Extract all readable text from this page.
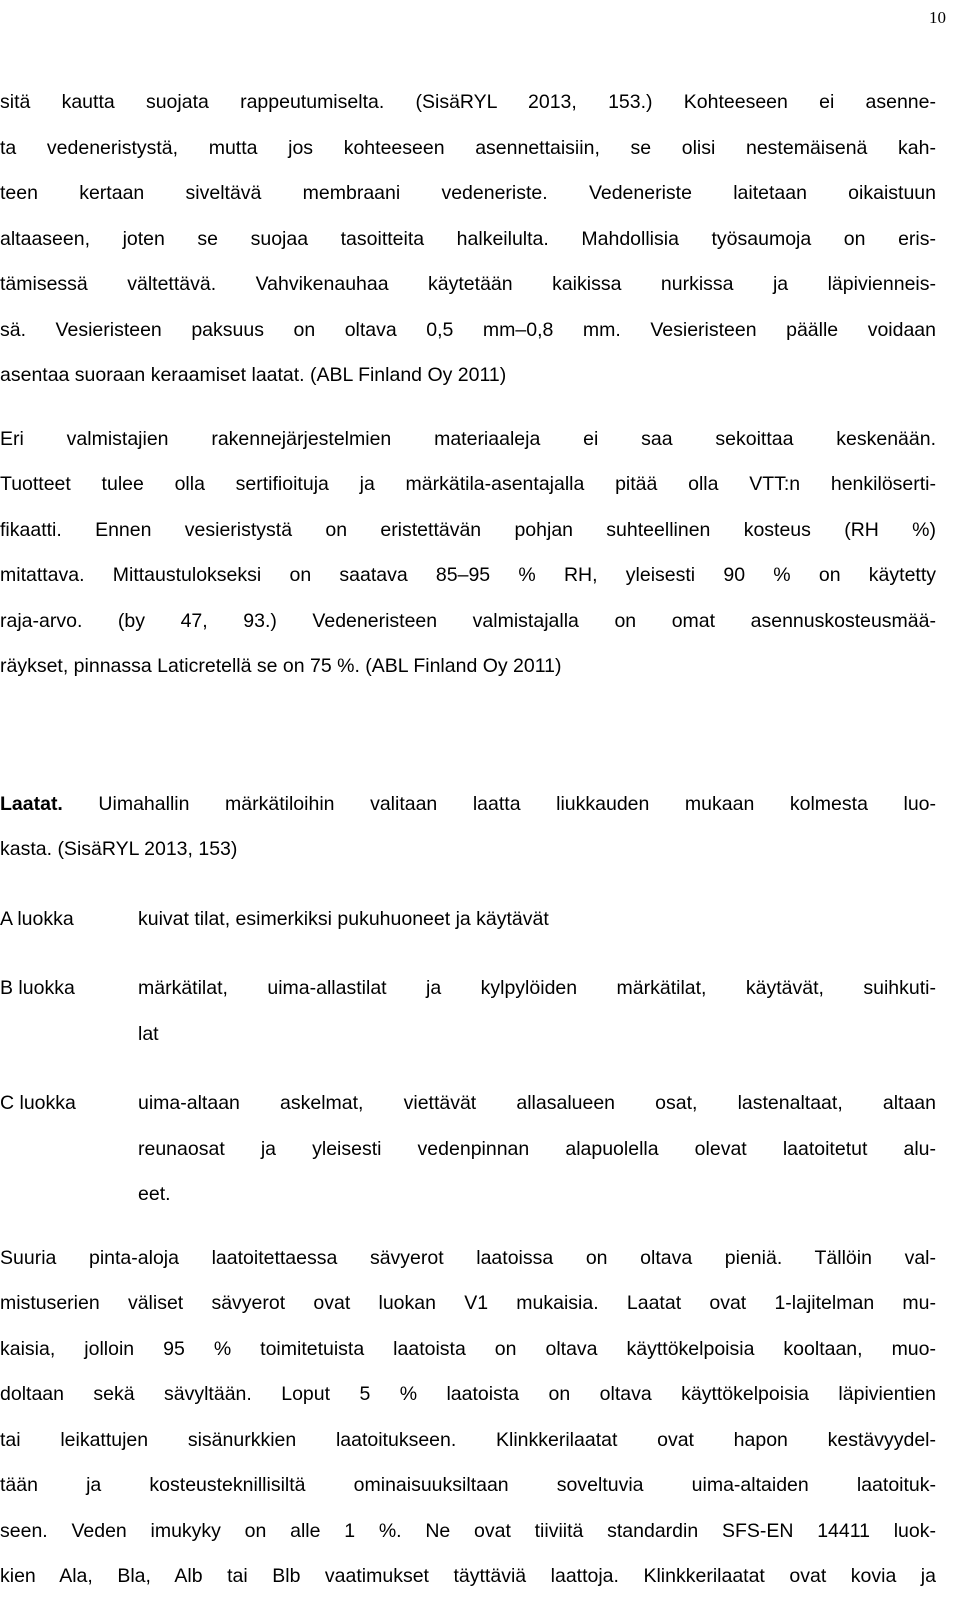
10
sitä kautta suojata rappeutumiselta. (SisäRYL 2013, 153.) Kohteeseen ei asenne-
ta vedeneristystä, mutta jos kohteeseen asennettaisiin, se olisi nestemäisenä kah-
teen kertaan siveltävä membraani vedeneriste. Vedeneriste laitetaan oikaistuun
altaaseen, joten se suojaa tasoitteita halkeilulta. Mahdollisia työsaumoja on eris-
tämisessä vältettävä. Vahvikenauhaa käytetään kaikissa nurkissa ja läpivienneis-
sä. Vesieristeen paksuus on oltava 0,5 mm–0,8 mm. Vesieristeen päälle voidaan
asentaa suoraan keraamiset laatat. (ABL Finland Oy 2011)
Eri valmistajien rakennejärjestelmien materiaaleja ei saa sekoittaa keskenään.
Tuotteet tulee olla sertifioituja ja märkätila-asentajalla pitää olla VTT:n henkilöserti-
fikaatti. Ennen vesieristystä on eristettävän pohjan suhteellinen kosteus (RH %)
mitattava. Mittaustulokseksi on saatava 85–95 % RH, yleisesti 90 % on käytetty
raja-arvo. (by 47, 93.) Vedeneristeen valmistajalla on omat asennuskosteusmää-
räykset, pinnassa Laticretellä se on 75 %. (ABL Finland Oy 2011)
Laatat. Uimahallin märkätiloihin valitaan laatta liukkauden mukaan kolmesta luo-
kasta. (SisäRYL 2013, 153)
A luokka	kuivat tilat, esimerkiksi pukuhuoneet ja käytävät
B luokka	märkätilat, uima-allastilat ja kylpylöiden märkätilat, käytävät, suihkuti-
lat
C luokka	uima-altaan askelmat, viettävät allasalueen osat, lastenaltaat, altaan
reunaosat ja yleisesti vedenpinnan alapuolella olevat laatoitetut alu-
eet.
Suuria pinta-aloja laatoitettaessa sävyerot laatoissa on oltava pieniä. Tällöin val-
mistuserien väliset sävyerot ovat luokan V1 mukaisia. Laatat ovat 1-lajitelman mu-
kaisia, jolloin 95 % toimitetuista laatoista on oltava käyttökelpoisia kooltaan, muo-
doltaan sekä sävyltään. Loput 5 % laatoista on oltava käyttökelpoisia läpivientien
tai leikattujen sisänurkkien laatoitukseen. Klinkkerilaatat ovat hapon kestävyydel-
tään ja kosteusteknillisiltä ominaisuuksiltaan soveltuvia uima-altaiden laatoituk-
seen. Veden imukyky on alle 1 %. Ne ovat tiiviitä standardin SFS-EN 14411 luok-
kien Ala, Bla, Alb tai Blb vaatimukset täyttäviä laattoja. Klinkkerilaatat ovat kovia ja
